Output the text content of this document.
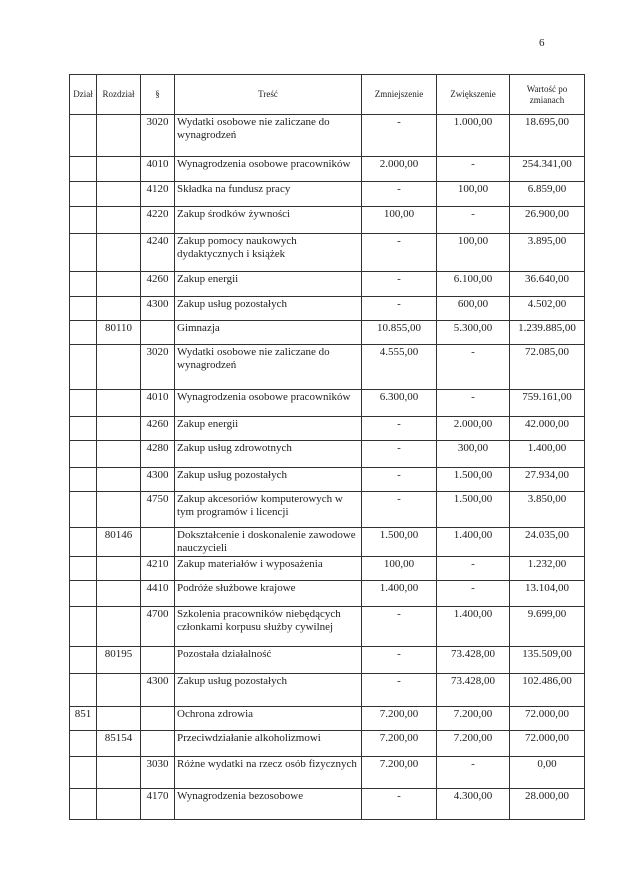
6
Dział	Rozdział	§	Treść	Zmniejszenie	Zwiększenie	Wartość po zmianach
		3020	Wydatki osobowe nie zaliczane do wynagrodzeń	-	1.000,00	18.695,00
		4010	Wynagrodzenia osobowe pracowników	2.000,00	-	254.341,00
		4120	Składka na fundusz pracy	-	100,00	6.859,00
		4220	Zakup środków żywności	100,00	-	26.900,00
		4240	Zakup pomocy naukowych dydaktycznych i książek	-	100,00	3.895,00
		4260	Zakup energii	-	6.100,00	36.640,00
		4300	Zakup usług pozostałych	-	600,00	4.502,00
	80110		Gimnazja	10.855,00	5.300,00	1.239.885,00
		3020	Wydatki osobowe nie zaliczane do wynagrodzeń	4.555,00	-	72.085,00
		4010	Wynagrodzenia osobowe pracowników	6.300,00	-	759.161,00
		4260	Zakup energii	-	2.000,00	42.000,00
		4280	Zakup usług zdrowotnych	-	300,00	1.400,00
		4300	Zakup usług pozostałych	-	1.500,00	27.934,00
		4750	Zakup akcesoriów komputerowych w tym programów i licencji	-	1.500,00	3.850,00
	80146		Dokształcenie i doskonalenie zawodowe nauczycieli	1.500,00	1.400,00	24.035,00
		4210	Zakup materiałów i wyposażenia	100,00	-	1.232,00
		4410	Podróże służbowe krajowe	1.400,00	-	13.104,00
		4700	Szkolenia pracowników niebędących członkami korpusu służby cywilnej	-	1.400,00	9.699,00
	80195		Pozostała działalność	-	73.428,00	135.509,00
		4300	Zakup usług pozostałych	-	73.428,00	102.486,00
851			Ochrona zdrowia	7.200,00	7.200,00	72.000,00
	85154		Przeciwdziałanie alkoholizmowi	7.200,00	7.200,00	72.000,00
		3030	Różne wydatki na rzecz osób fizycznych	7.200,00	-	0,00
		4170	Wynagrodzenia bezosobowe	-	4.300,00	28.000,00
